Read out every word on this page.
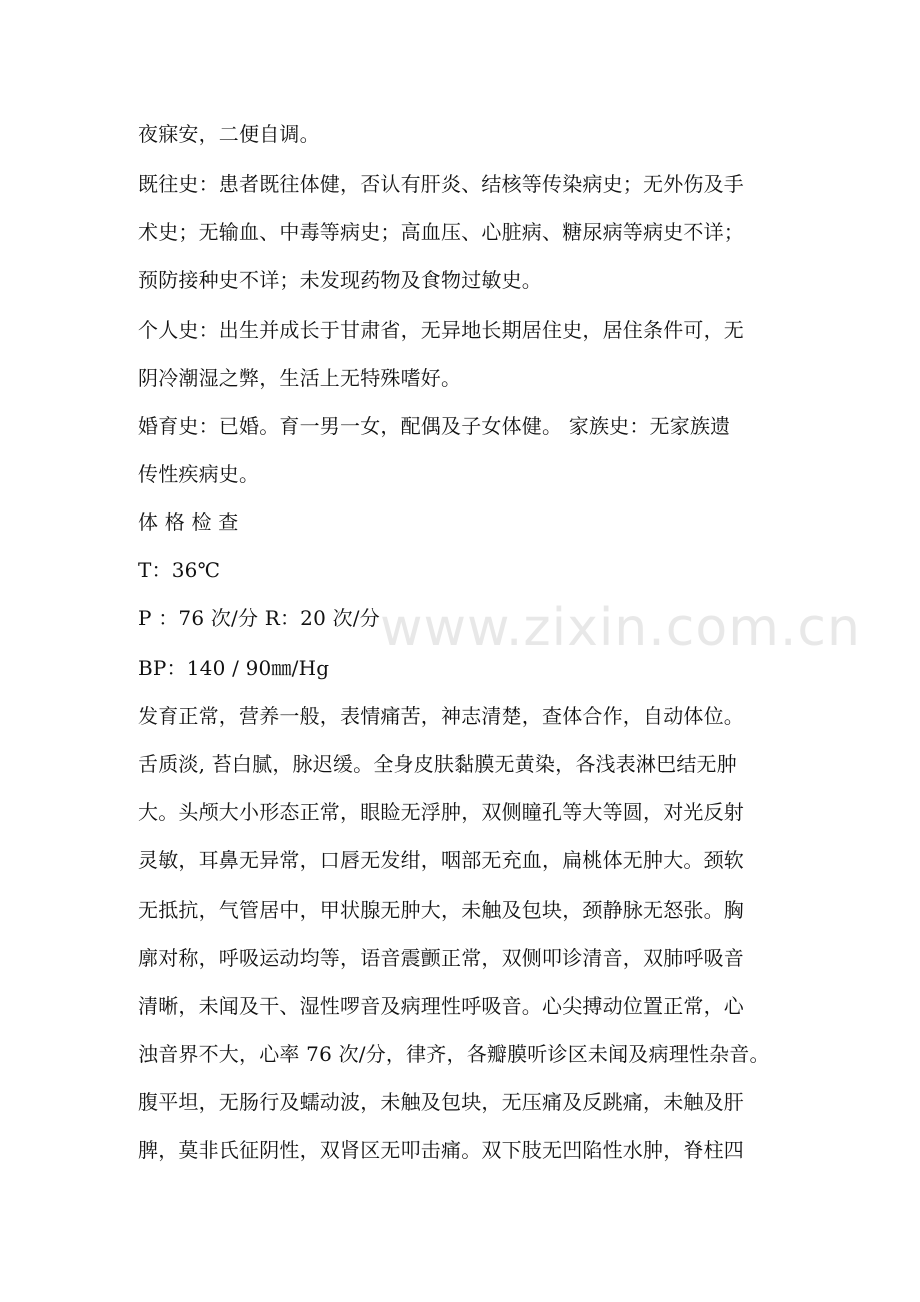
夜寐安，二便自调。
既往史：患者既往体健，否认有肝炎、结核等传染病史；无外伤及手
术史；无输血、中毒等病史；高血压、心脏病、糖尿病等病史不详；
预防接种史不详；未发现药物及食物过敏史。
个人史：出生并成长于甘肃省，无异地长期居住史，居住条件可，无
阴冷潮湿之弊，生活上无特殊嗜好。
婚育史：已婚。育一男一女，配偶及子女体健。 家族史：无家族遗
传性疾病史。
体 格 检 查
T：36℃
P ：76 次/分 R：20 次/分
BP：140 / 90㎜/Hg
发育正常，营养一般，表情痛苦，神志清楚，查体合作，自动体位。
舌质淡, 苔白腻，脉迟缓。全身皮肤黏膜无黄染，各浅表淋巴结无肿
大。头颅大小形态正常，眼睑无浮肿，双侧瞳孔等大等圆，对光反射
灵敏，耳鼻无异常，口唇无发绀，咽部无充血，扁桃体无肿大。颈软
无抵抗，气管居中，甲状腺无肿大，未触及包块，颈静脉无怒张。胸
廓对称，呼吸运动均等，语音震颤正常，双侧叩诊清音，双肺呼吸音
清晰，未闻及干、湿性啰音及病理性呼吸音。心尖搏动位置正常，心
浊音界不大，心率 76 次/分，律齐，各瓣膜听诊区未闻及病理性杂音。
腹平坦，无肠行及蠕动波，未触及包块，无压痛及反跳痛，未触及肝
脾，莫非氏征阴性，双肾区无叩击痛。双下肢无凹陷性水肿，脊柱四
www.zixin.com.cn
